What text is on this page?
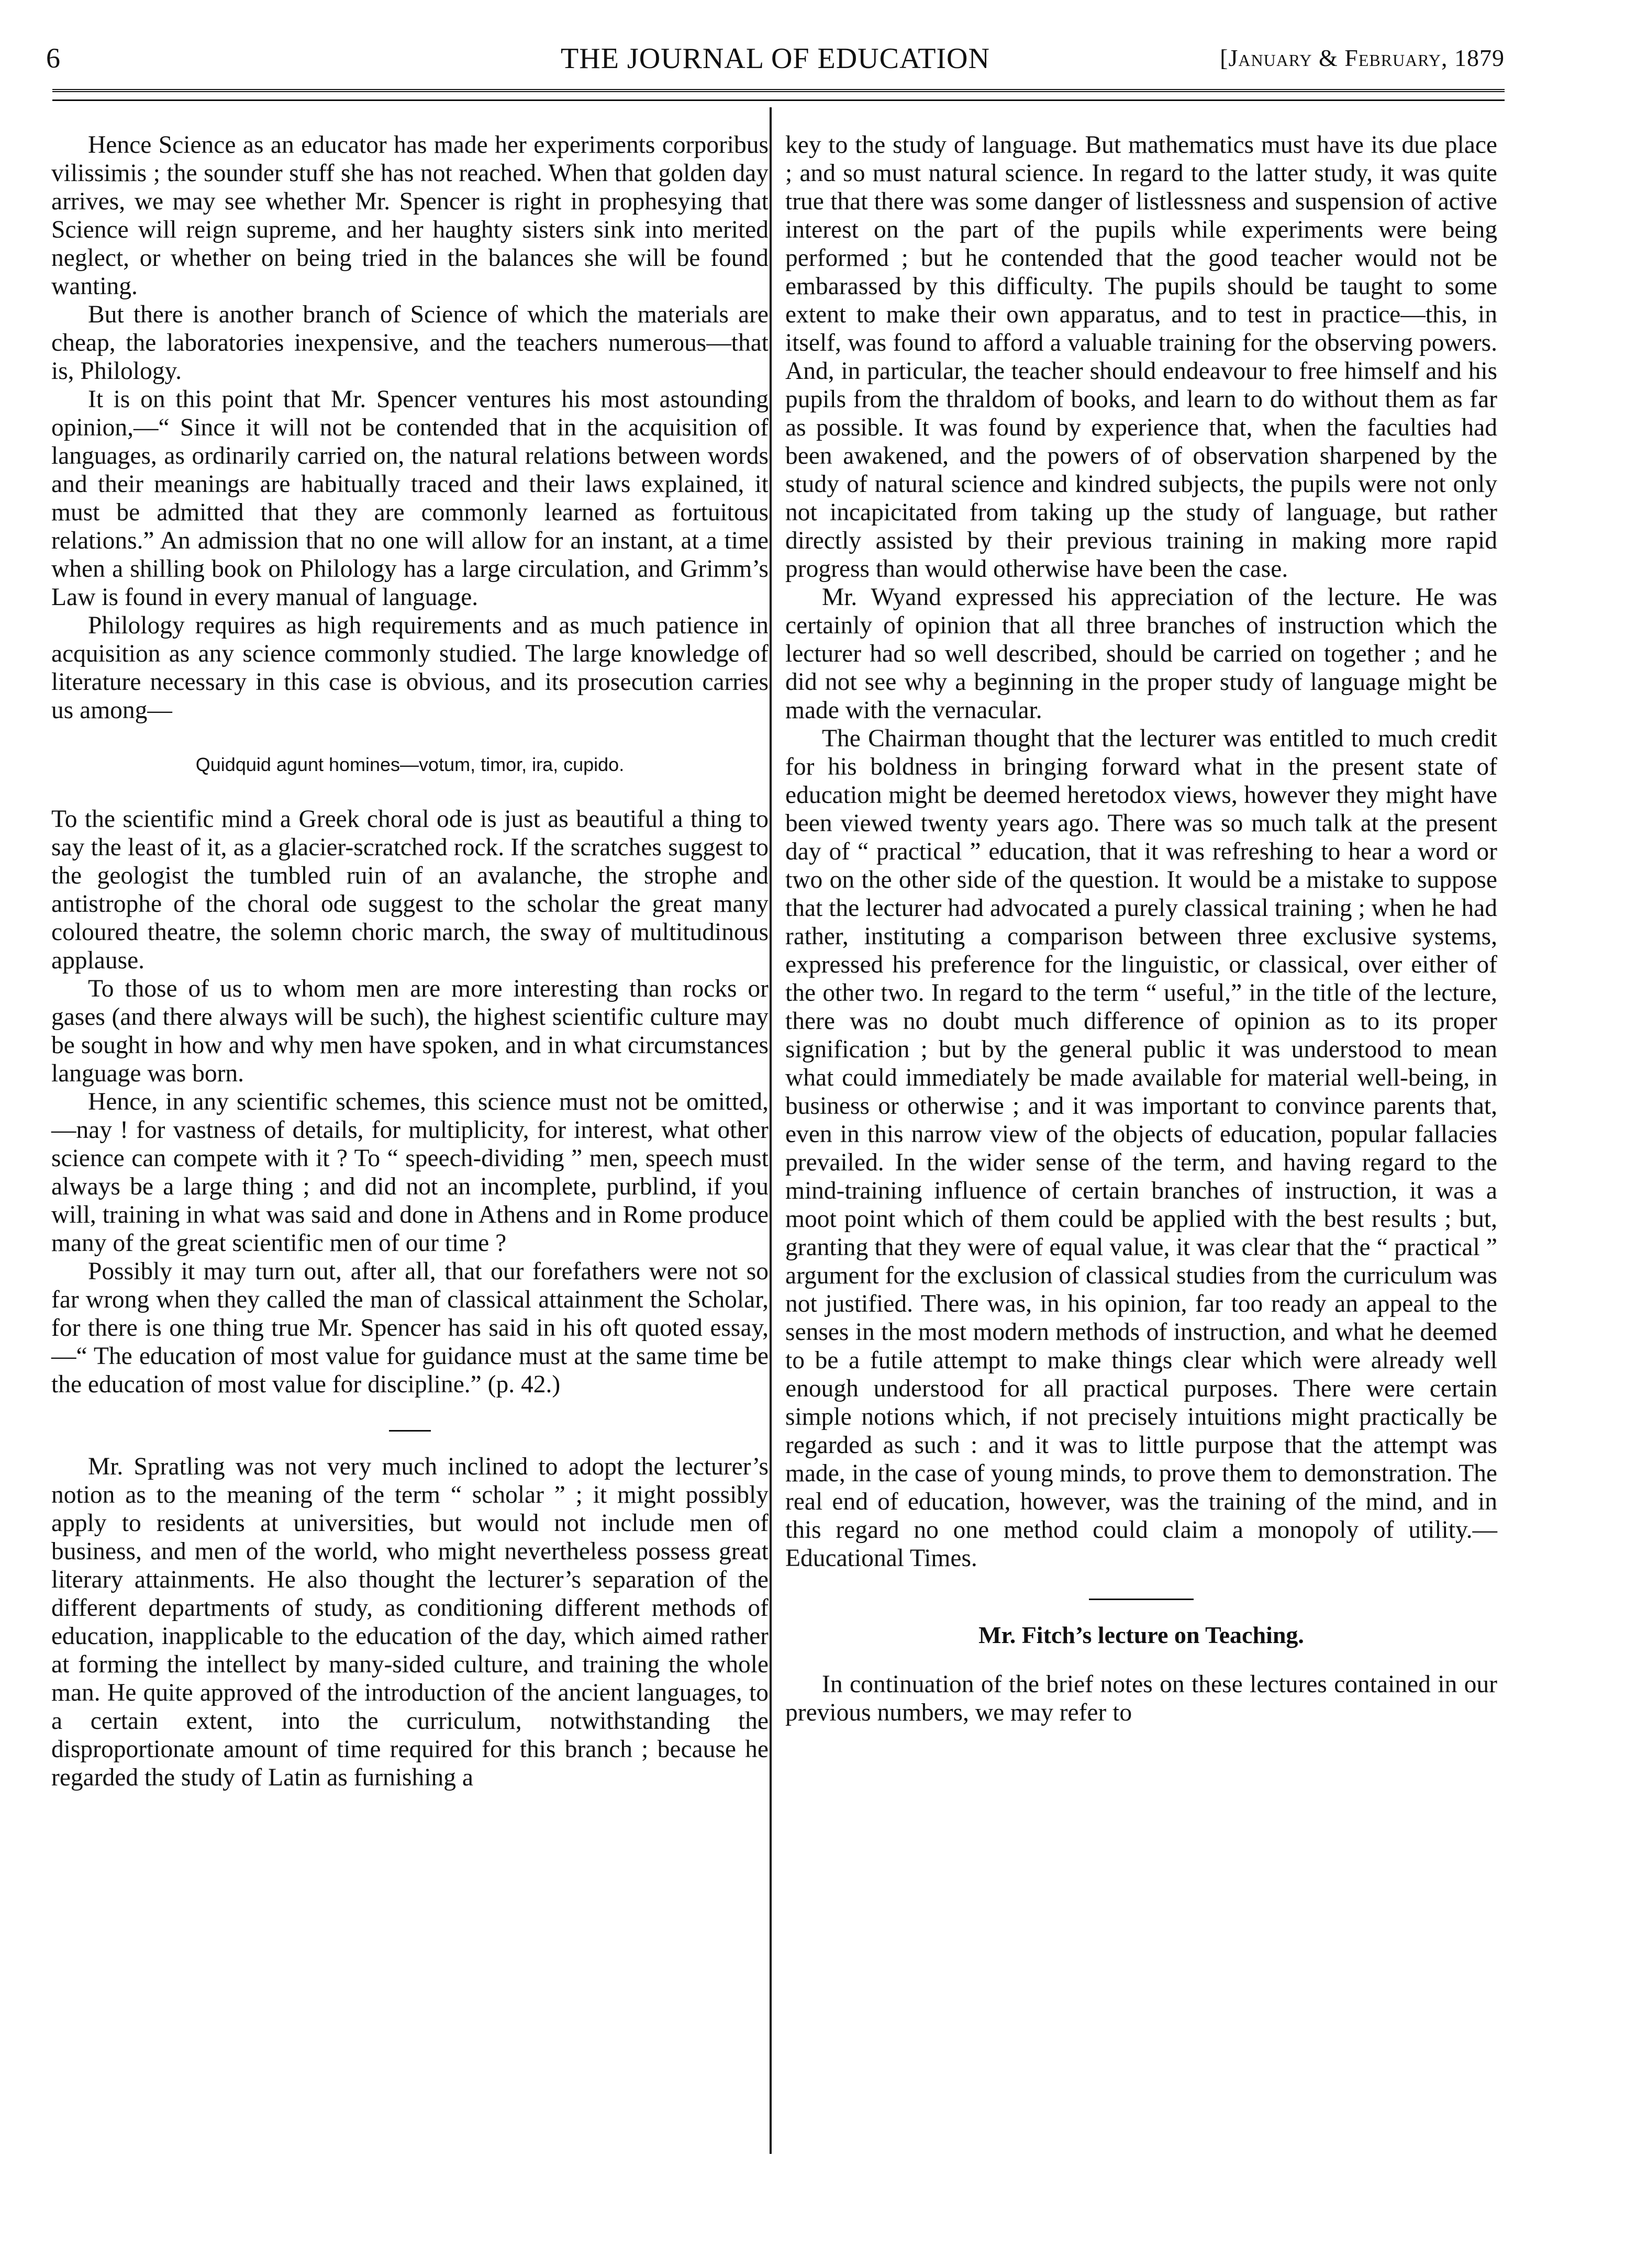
6	THE JOURNAL OF EDUCATION	[January & February, 1879

Hence Science as an educator has made her experiments corporibus vilissimis ; the sounder stuff she has not reached. When that golden day arrives, we may see whether Mr. Spencer is right in prophesying that Science will reign supreme, and her haughty sisters sink into merited neglect, or whether on being tried in the balances she will be found wanting.

But there is another branch of Science of which the materials are cheap, the laboratories inexpensive, and the teachers numerous—that is, Philology.

It is on this point that Mr. Spencer ventures his most astounding opinion,—“ Since it will not be contended that in the acquisition of languages, as ordinarily carried on, the natural relations between words and their meanings are habitually traced and their laws explained, it must be admitted that they are commonly learned as fortuitous relations.” An admission that no one will allow for an instant, at a time when a shilling book on Philology has a large circulation, and Grimm’s Law is found in every manual of language.

Philology requires as high requirements and as much patience in acquisition as any science commonly studied. The large knowledge of literature necessary in this case is obvious, and its prosecution carries us among—

Quidquid agunt homines—votum, timor, ira, cupido.

To the scientific mind a Greek choral ode is just as beautiful a thing to say the least of it, as a glacier-scratched rock. If the scratches suggest to the geologist the tumbled ruin of an avalanche, the strophe and antistrophe of the choral ode suggest to the scholar the great many coloured theatre, the solemn choric march, the sway of multitudinous applause.

To those of us to whom men are more interesting than rocks or gases (and there always will be such), the highest scientific culture may be sought in how and why men have spoken, and in what circumstances language was born.

Hence, in any scientific schemes, this science must not be omitted,—nay ! for vastness of details, for multiplicity, for interest, what other science can compete with it ? To “ speech-dividing ” men, speech must always be a large thing ; and did not an incomplete, purblind, if you will, training in what was said and done in Athens and in Rome produce many of the great scientific men of our time ?

Possibly it may turn out, after all, that our forefathers were not so far wrong when they called the man of classical attainment the Scholar, for there is one thing true Mr. Spencer has said in his oft quoted essay,—“ The education of most value for guidance must at the same time be the education of most value for discipline.” (p. 42.)

Mr. Spratling was not very much inclined to adopt the lecturer’s notion as to the meaning of the term “ scholar ” ; it might possibly apply to residents at universities, but would not include men of business, and men of the world, who might nevertheless possess great literary attainments. He also thought the lecturer’s separation of the different departments of study, as conditioning different methods of education, inapplicable to the education of the day, which aimed rather at forming the intellect by many-sided culture, and training the whole man. He quite approved of the introduction of the ancient languages, to a certain extent, into the curriculum, notwithstanding the disproportionate amount of time required for this branch ; because he regarded the study of Latin as furnishing a

key to the study of language. But mathematics must have its due place ; and so must natural science. In regard to the latter study, it was quite true that there was some danger of listlessness and suspension of active interest on the part of the pupils while experiments were being performed ; but he contended that the good teacher would not be embarassed by this difficulty. The pupils should be taught to some extent to make their own apparatus, and to test in practice—this, in itself, was found to afford a valuable training for the observing powers. And, in particular, the teacher should endeavour to free himself and his pupils from the thraldom of books, and learn to do without them as far as possible. It was found by experience that, when the faculties had been awakened, and the powers of of observation sharpened by the study of natural science and kindred subjects, the pupils were not only not incapicitated from taking up the study of language, but rather directly assisted by their previous training in making more rapid progress than would otherwise have been the case.

Mr. Wyand expressed his appreciation of the lecture. He was certainly of opinion that all three branches of instruction which the lecturer had so well described, should be carried on together ; and he did not see why a beginning in the proper study of language might be made with the vernacular.

The Chairman thought that the lecturer was entitled to much credit for his boldness in bringing forward what in the present state of education might be deemed heretodox views, however they might have been viewed twenty years ago. There was so much talk at the present day of “ practical ” education, that it was refreshing to hear a word or two on the other side of the question. It would be a mistake to suppose that the lecturer had advocated a purely classical training ; when he had rather, instituting a comparison between three exclusive systems, expressed his preference for the linguistic, or classical, over either of the other two. In regard to the term “ useful,” in the title of the lecture, there was no doubt much difference of opinion as to its proper signification ; but by the general public it was understood to mean what could immediately be made available for material well-being, in business or otherwise ; and it was important to convince parents that, even in this narrow view of the objects of education, popular fallacies prevailed. In the wider sense of the term, and having regard to the mind-training influence of certain branches of instruction, it was a moot point which of them could be applied with the best results ; but, granting that they were of equal value, it was clear that the “ practical ” argument for the exclusion of classical studies from the curriculum was not justified. There was, in his opinion, far too ready an appeal to the senses in the most modern methods of instruction, and what he deemed to be a futile attempt to make things clear which were already well enough understood for all practical purposes. There were certain simple notions which, if not precisely intuitions might practically be regarded as such : and it was to little purpose that the attempt was made, in the case of young minds, to prove them to demonstration. The real end of education, however, was the training of the mind, and in this regard no one method could claim a monopoly of utility.—Educational Times.

Mr. Fitch’s lecture on Teaching.

In continuation of the brief notes on these lectures contained in our previous numbers, we may refer to
